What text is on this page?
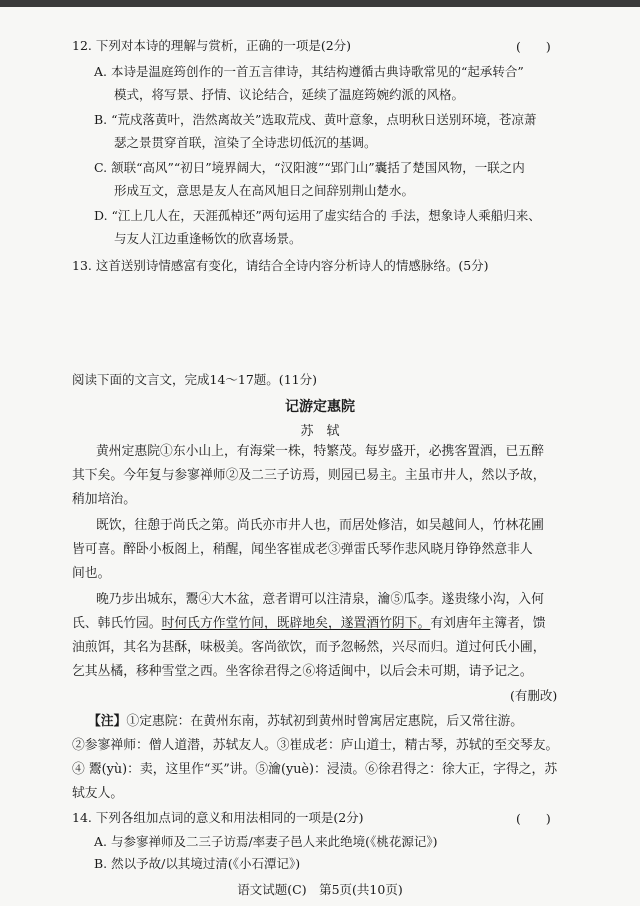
12. 下列对本诗的理解与赏析，正确的一项是(2分)	(　　)
A. 本诗是温庭筠创作的一首五言律诗，其结构遵循古典诗歌常见的“起承转合”
模式，将写景、抒情、议论结合，延续了温庭筠婉约派的风格。
B. “荒戍落黄叶，浩然离故关”选取荒戍、黄叶意象，点明秋日送别环境，苍凉萧
瑟之景贯穿首联，渲染了全诗悲切低沉的基调。
C. 颔联“高风”“初日”境界阔大，“汉阳渡”“郢门山”囊括了楚国风物，一联之内
形成互文，意思是友人在高风旭日之间辞别荆山楚水。
D. “江上几人在，天涯孤棹还”两句运用了虚实结合的 手法，想象诗人乘船归来、
与友人江边重逢畅饮的欣喜场景。
13. 这首送别诗情感富有变化，请结合全诗内容分析诗人的情感脉络。(5分)
阅读下面的文言文，完成14～17题。(11分)
记游定惠院
苏　轼
黄州定惠院①东小山上，有海棠一株，特繁茂。每岁盛开，必携客置酒，已五醉
其下矣。今年复与参寥禅师②及二三子访焉，则园已易主。主虽市井人，然以予故，
稍加培治。
既饮，往憩于尚氏之第。尚氏亦市井人也，而居处修洁，如吴越间人，竹林花圃
皆可喜。醉卧小板阁上，稍醒，闻坐客崔成老③弹雷氏琴作悲风晓月铮铮然意非人
间也。
晚乃步出城东，鬻④大木盆，意者谓可以注清泉，瀹⑤瓜李。遂贵缘小沟，入何
氏、韩氏竹园。时何氏方作堂竹间，既辟地矣，遂置酒竹阴下。有刘唐年主簿者，馈
油煎饵，其名为甚酥，味极美。客尚欲饮，而予忽畅然，兴尽而归。道过何氏小圃，
乞其丛橘，移种雪堂之西。坐客徐君得之⑥将适闽中，以后会未可期，请予记之。
(有删改)
【注】①定惠院：在黄州东南，苏轼初到黄州时曾寓居定惠院，后又常往游。
②参寥禅师：僧人道潜，苏轼友人。③崔成老：庐山道士，精古琴，苏轼的至交琴友。
④ 鬻(yù)：卖，这里作“买”讲。⑤瀹(yuè)：浸渍。⑥徐君得之：徐大正，字得之，苏
轼友人。
14. 下列各组加点词的意义和用法相同的一项是(2分)	(　　)
A. 与参寥禅师及二三子访焉/率妻子邑人来此绝境(《桃花源记》)
B. 然以予故/以其境过清(《小石潭记》)
语文试题(C)　第5页(共10页)
